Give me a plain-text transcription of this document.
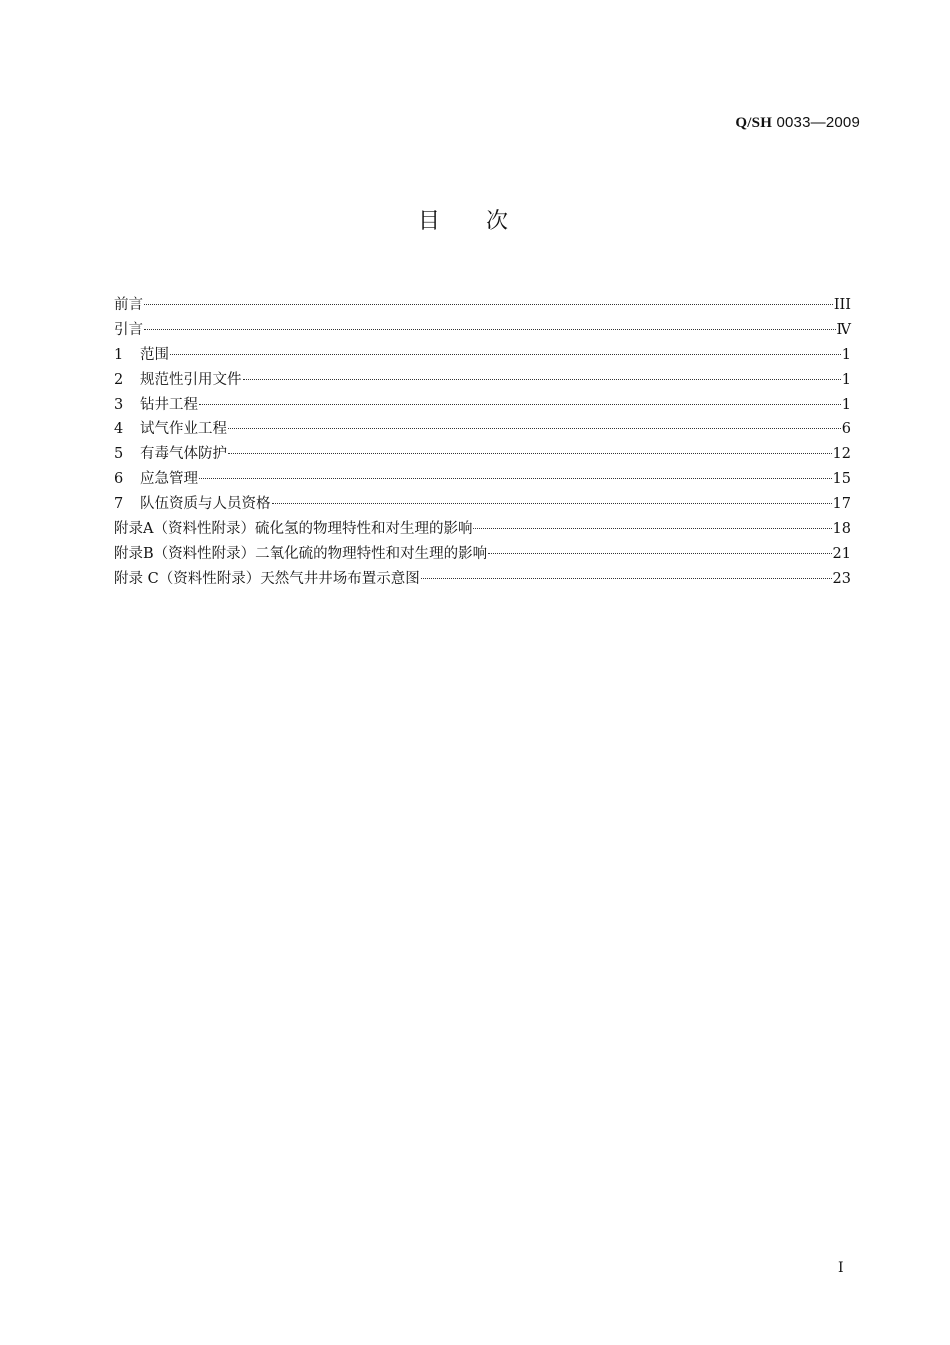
Q/SH 0033—2009
目次
前言	III
引言	Ⅳ
1	范围	1
2	规范性引用文件	1
3	钻井工程	1
4	试气作业工程	6
5	有毒气体防护	12
6	应急管理	15
7	队伍资质与人员资格	17
附录A（资料性附录）硫化氢的物理特性和对生理的影响	18
附录B（资料性附录）二氧化硫的物理特性和对生理的影响	21
附录 C（资料性附录）天然气井井场布置示意图	23
I
